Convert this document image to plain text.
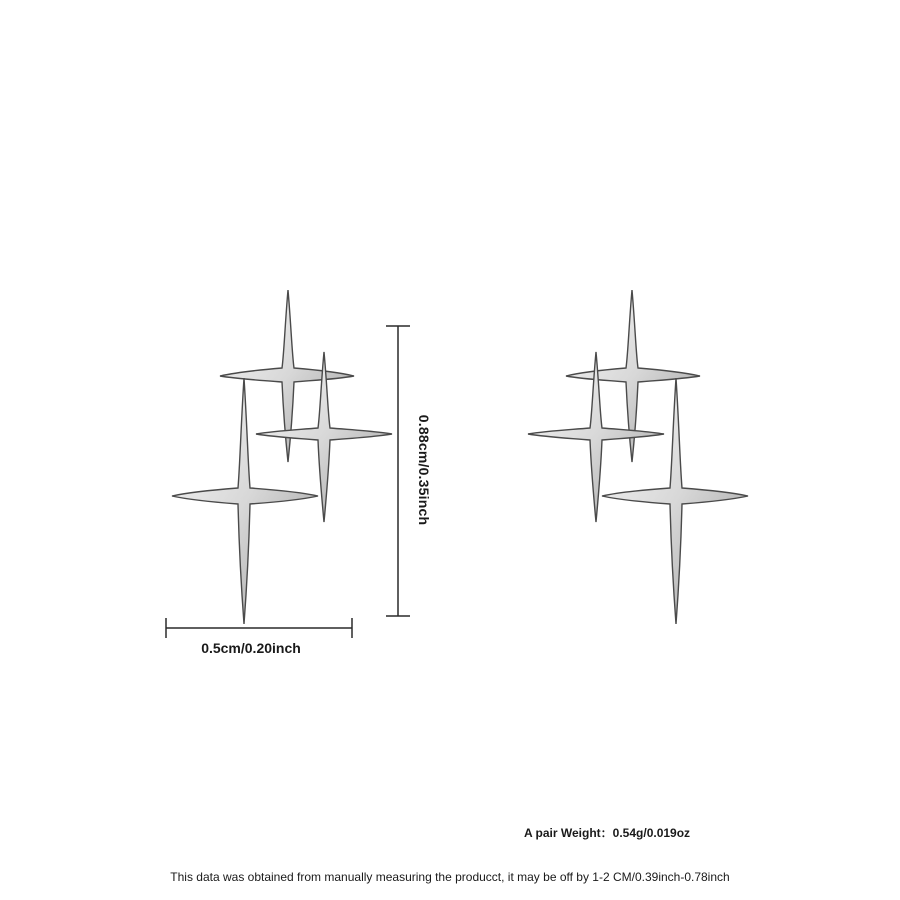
0.88cm/0.35inch
0.5cm/0.20inch
A pair Weight：0.54g/0.019oz
This data was obtained from manually measuring the producct, it may be off by 1-2 CM/0.39inch-0.78inch
